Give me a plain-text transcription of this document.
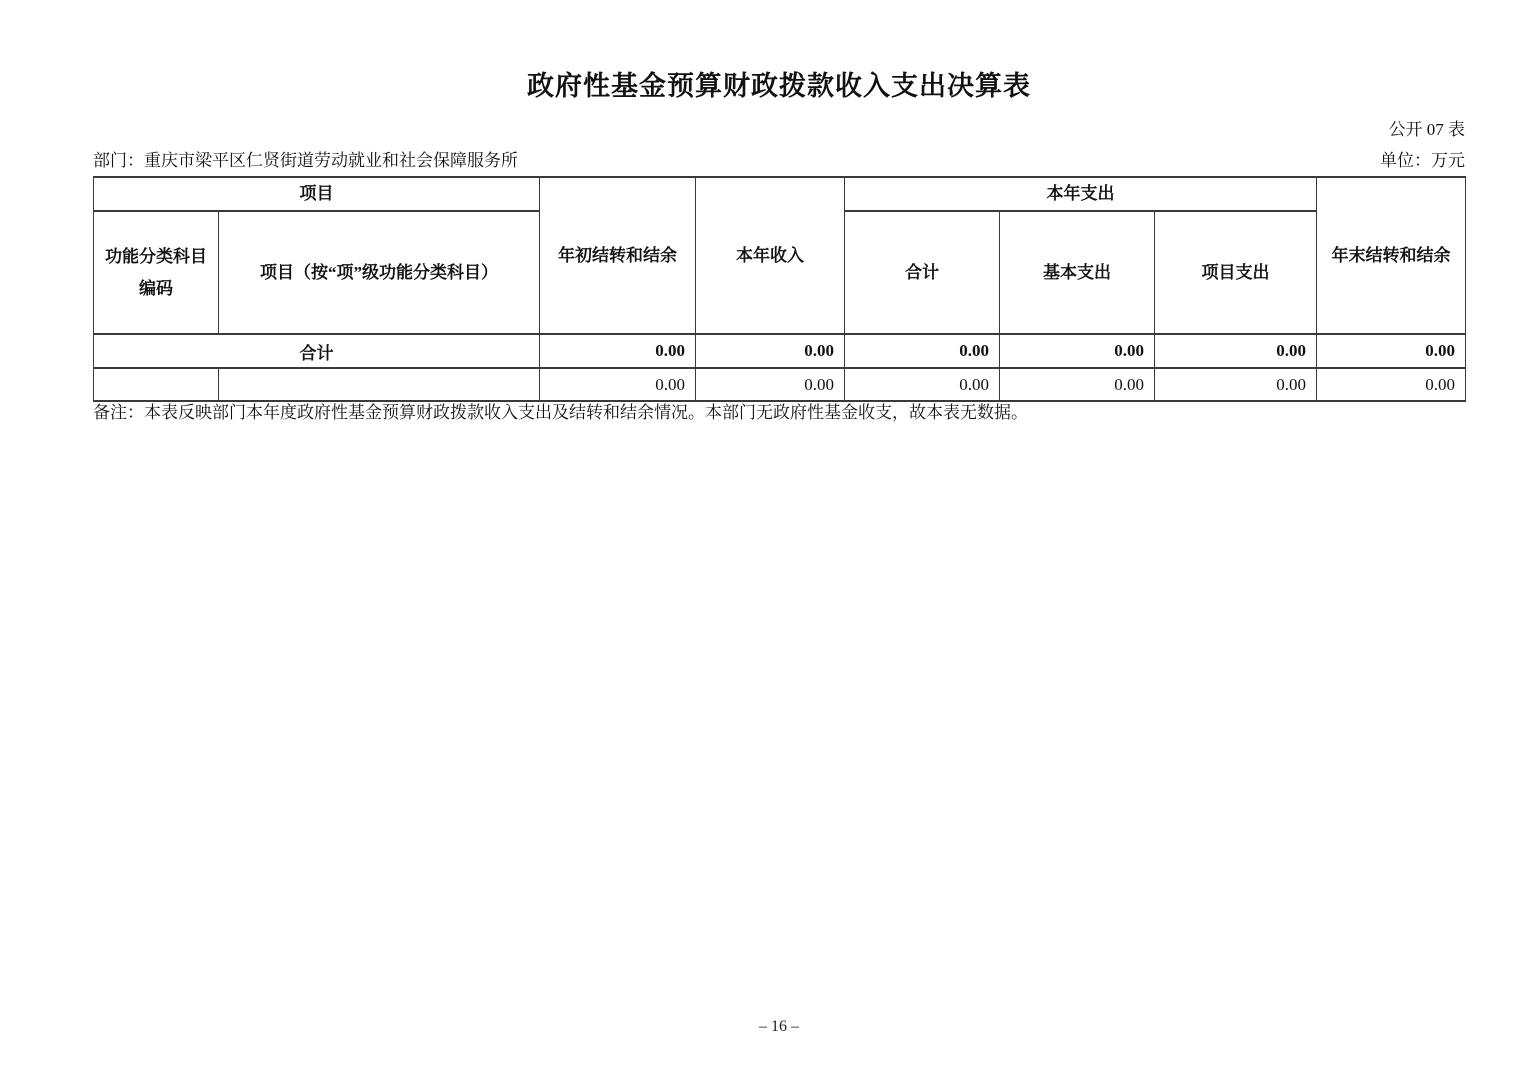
政府性基金预算财政拨款收入支出决算表
公开 07 表
部门：重庆市梁平区仁贤街道劳动就业和社会保障服务所	单位：万元
项目		年初结转和结余	本年收入	本年支出			年末结转和结余
功能分类科目编码	项目（按“项”级功能分类科目）			合计	基本支出	项目支出	
合计		0.00	0.00	0.00	0.00	0.00	0.00
		0.00	0.00	0.00	0.00	0.00	0.00
备注：本表反映部门本年度政府性基金预算财政拨款收入支出及结转和结余情况。本部门无政府性基金收支，故本表无数据。
– 16 –
